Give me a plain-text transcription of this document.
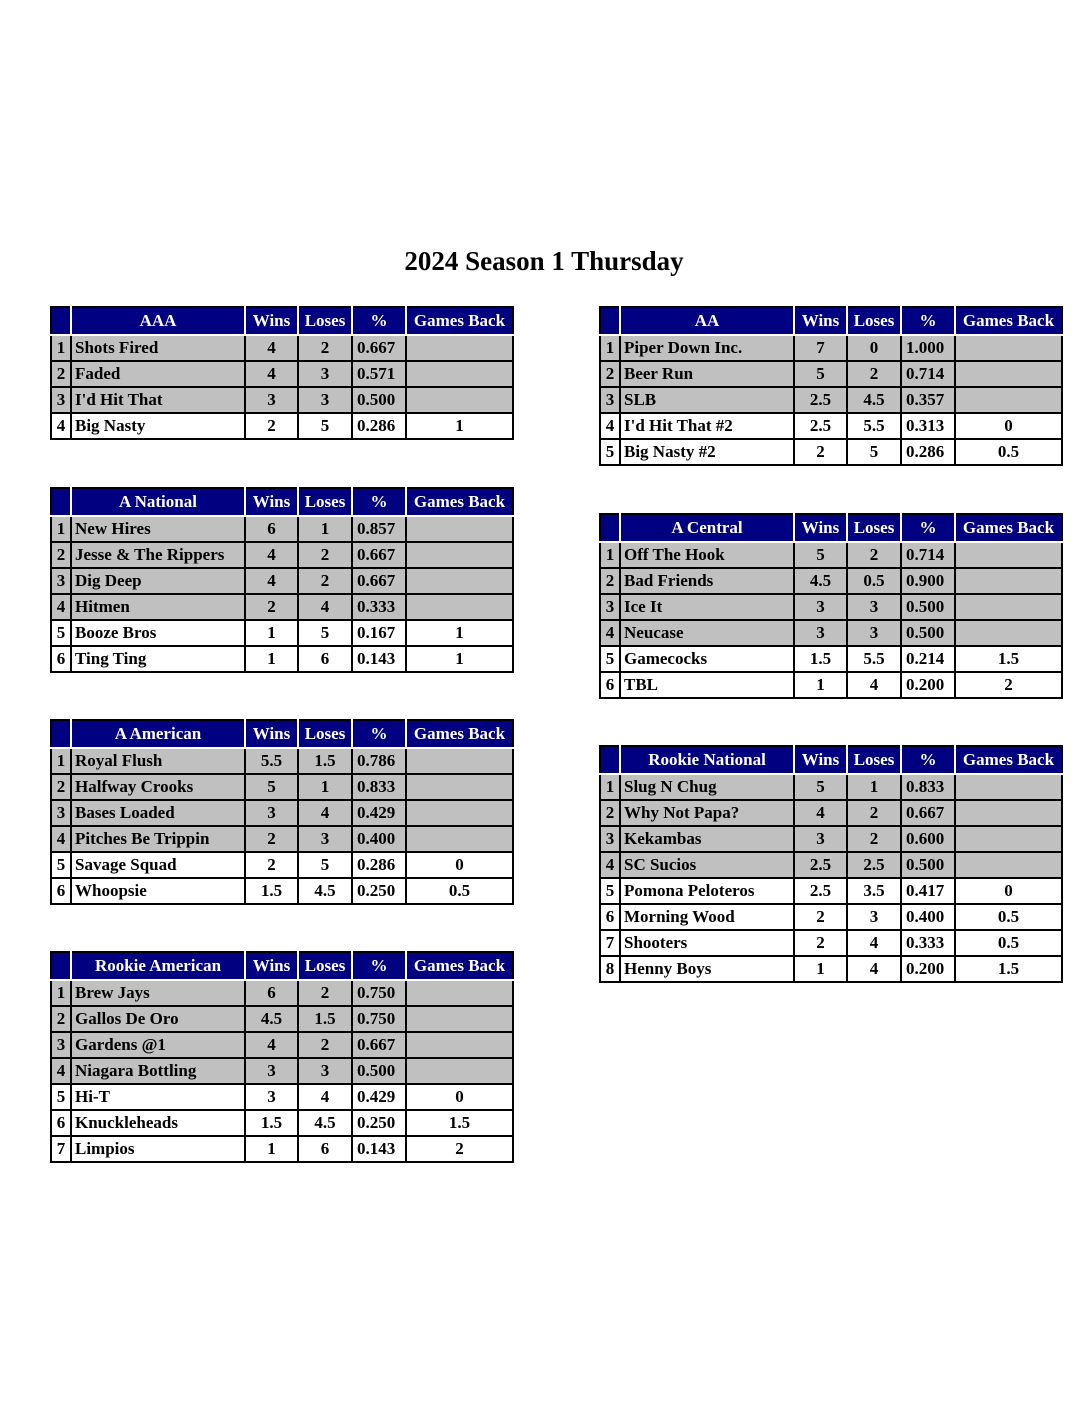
2024 Season 1 Thursday
	AAA	Wins	Loses	%	Games Back
1	Shots Fired	4	2	0.667	
2	Faded	4	3	0.571	
3	I'd Hit That	3	3	0.500	
4	Big Nasty	2	5	0.286	1
	AA	Wins	Loses	%	Games Back
1	Piper Down Inc.	7	0	1.000	
2	Beer Run	5	2	0.714	
3	SLB	2.5	4.5	0.357	
4	I'd Hit That #2	2.5	5.5	0.313	0
5	Big Nasty #2	2	5	0.286	0.5
	A National	Wins	Loses	%	Games Back
1	New Hires	6	1	0.857	
2	Jesse & The Rippers	4	2	0.667	
3	Dig Deep	4	2	0.667	
4	Hitmen	2	4	0.333	
5	Booze Bros	1	5	0.167	1
6	Ting Ting	1	6	0.143	1
	A Central	Wins	Loses	%	Games Back
1	Off The Hook	5	2	0.714	
2	Bad Friends	4.5	0.5	0.900	
3	Ice It	3	3	0.500	
4	Neucase	3	3	0.500	
5	Gamecocks	1.5	5.5	0.214	1.5
6	TBL	1	4	0.200	2
	A American	Wins	Loses	%	Games Back
1	Royal Flush	5.5	1.5	0.786	
2	Halfway Crooks	5	1	0.833	
3	Bases Loaded	3	4	0.429	
4	Pitches Be Trippin	2	3	0.400	
5	Savage Squad	2	5	0.286	0
6	Whoopsie	1.5	4.5	0.250	0.5
	Rookie National	Wins	Loses	%	Games Back
1	Slug N Chug	5	1	0.833	
2	Why Not Papa?	4	2	0.667	
3	Kekambas	3	2	0.600	
4	SC Sucios	2.5	2.5	0.500	
5	Pomona Peloteros	2.5	3.5	0.417	0
6	Morning Wood	2	3	0.400	0.5
7	Shooters	2	4	0.333	0.5
8	Henny Boys	1	4	0.200	1.5
	Rookie American	Wins	Loses	%	Games Back
1	Brew Jays	6	2	0.750	
2	Gallos De Oro	4.5	1.5	0.750	
3	Gardens @1	4	2	0.667	
4	Niagara Bottling	3	3	0.500	
5	Hi-T	3	4	0.429	0
6	Knuckleheads	1.5	4.5	0.250	1.5
7	Limpios	1	6	0.143	2
